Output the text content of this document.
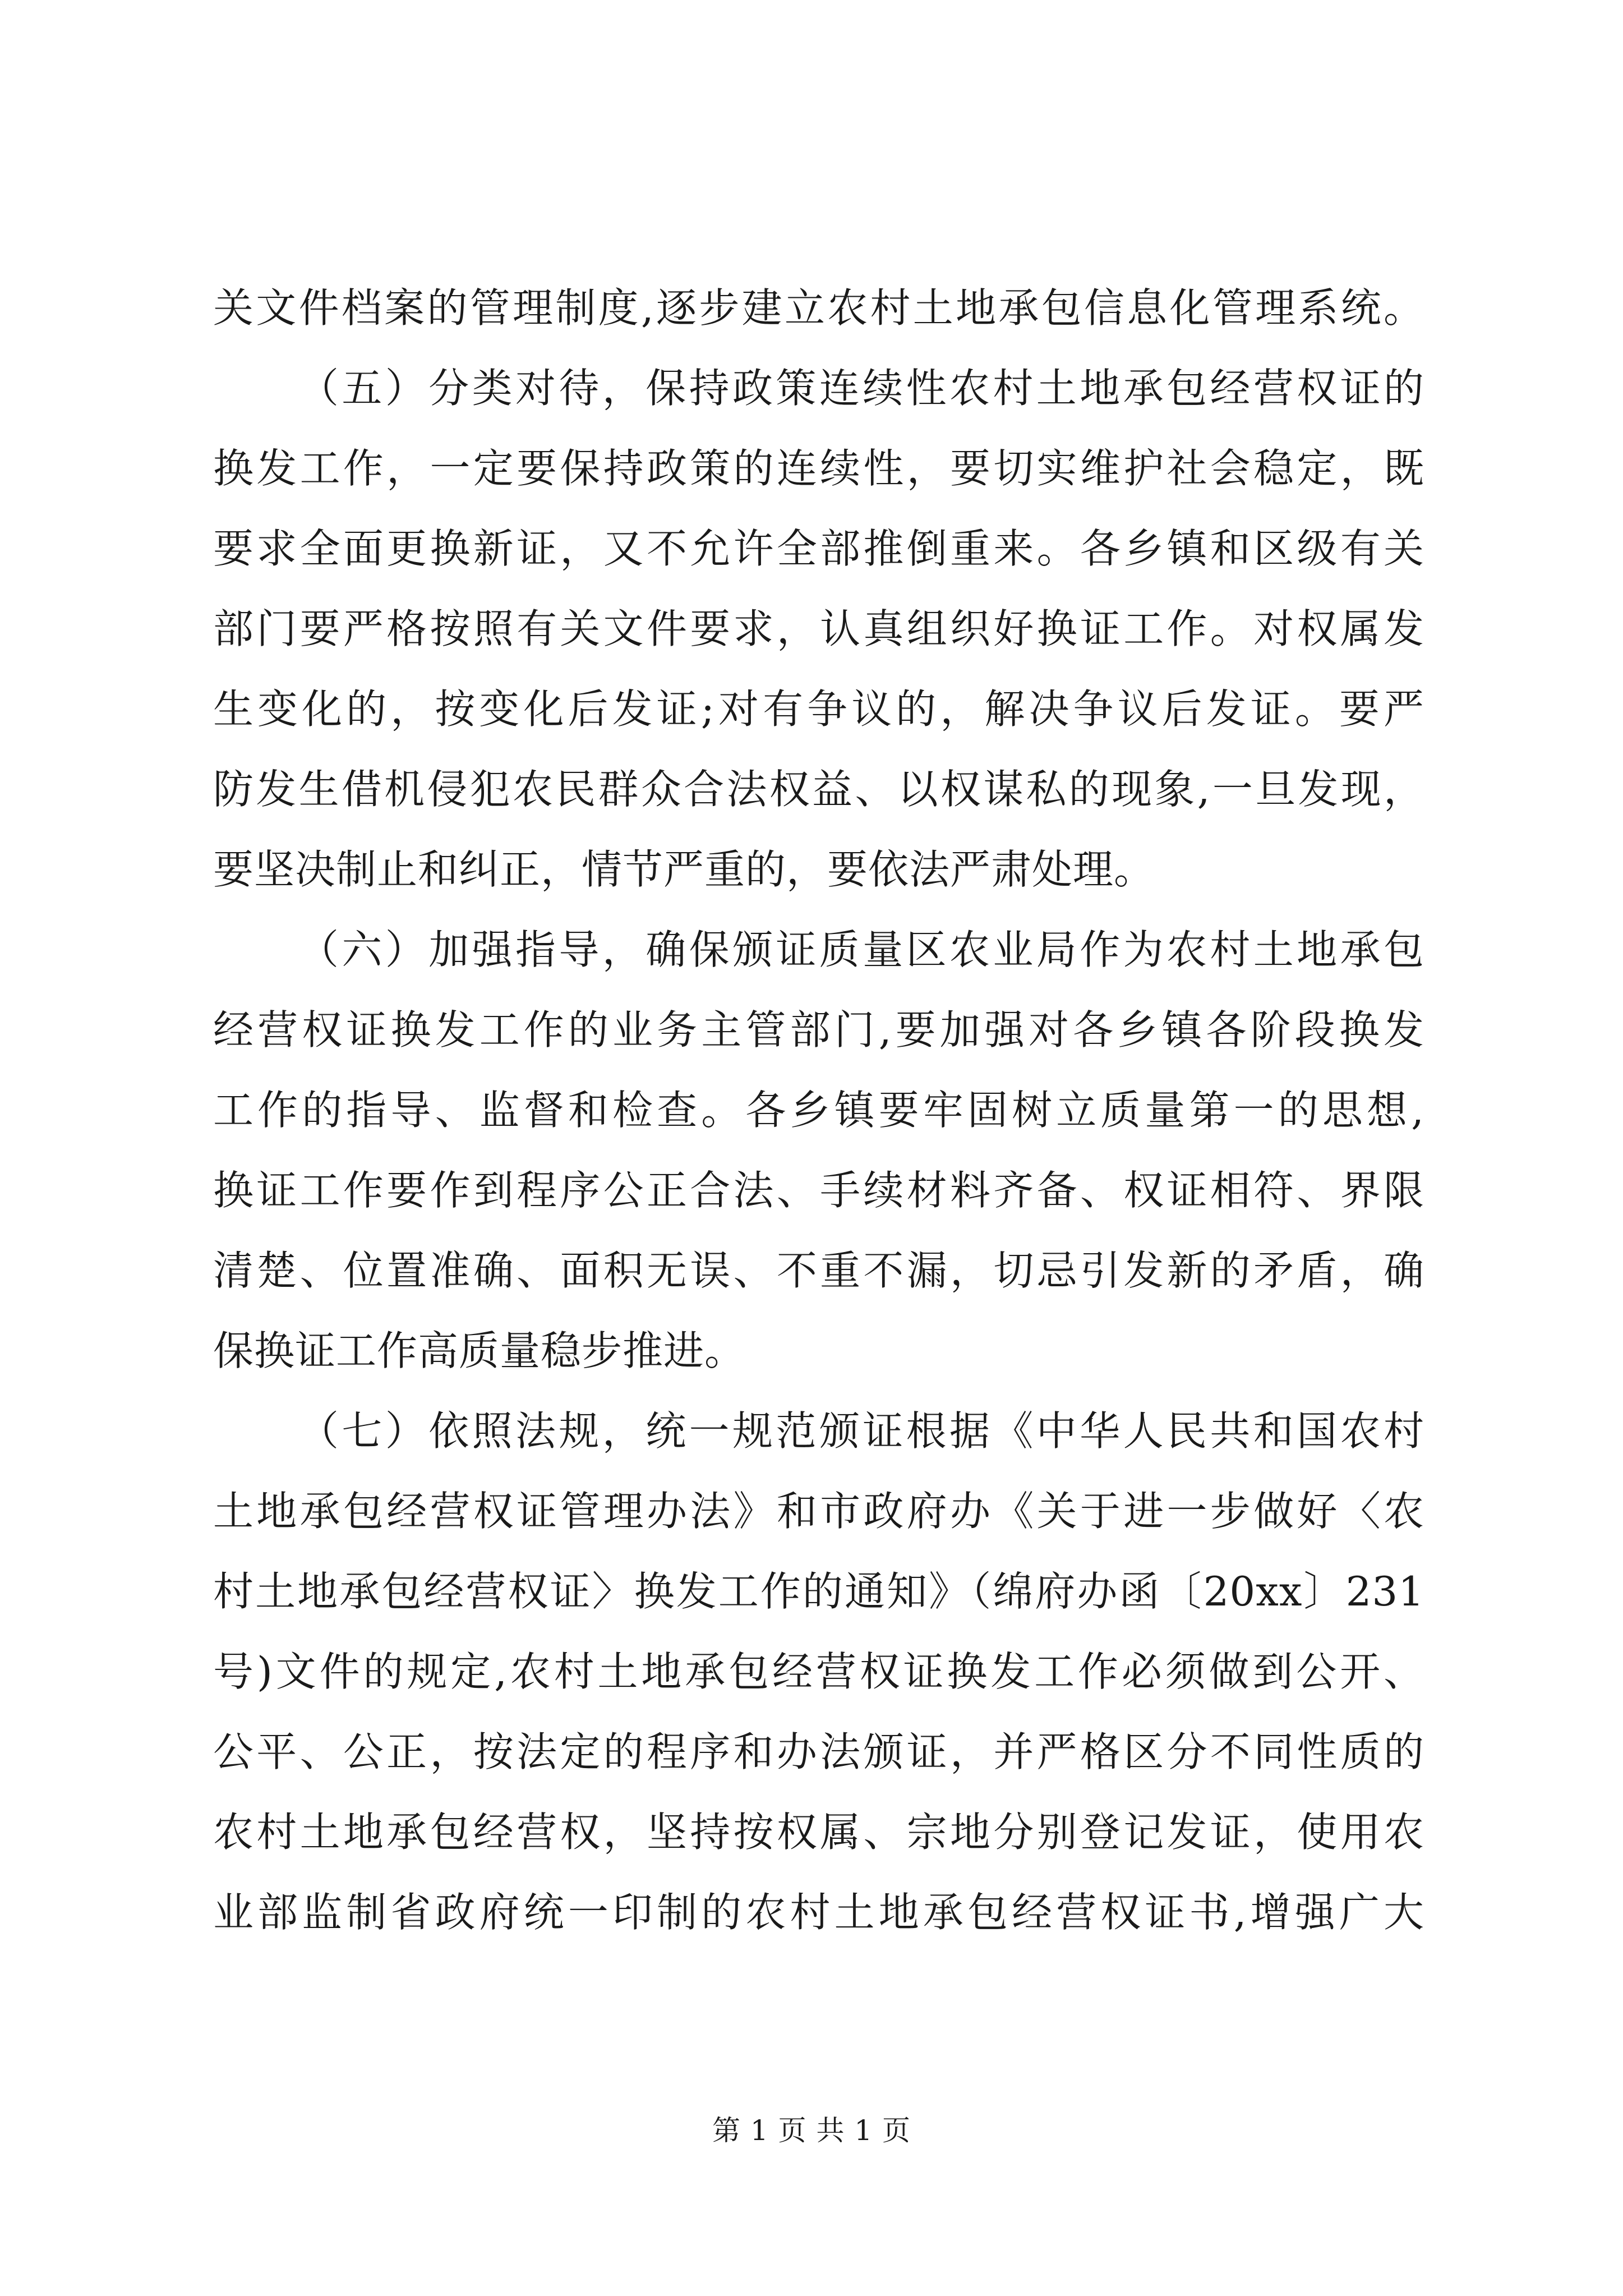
关文件档案的管理制度,逐步建立农村土地承包信息化管理系统。
（五）分类对待，保持政策连续性农村土地承包经营权证的
换发工作，一定要保持政策的连续性，要切实维护社会稳定，既
要求全面更换新证，又不允许全部推倒重来。各乡镇和区级有关
部门要严格按照有关文件要求，认真组织好换证工作。对权属发
生变化的，按变化后发证;对有争议的，解决争议后发证。要严
防发生借机侵犯农民群众合法权益、以权谋私的现象,一旦发现，
要坚决制止和纠正，情节严重的，要依法严肃处理。
（六）加强指导，确保颁证质量区农业局作为农村土地承包
经营权证换发工作的业务主管部门,要加强对各乡镇各阶段换发
工作的指导、监督和检查。各乡镇要牢固树立质量第一的思想,
换证工作要作到程序公正合法、手续材料齐备、权证相符、界限
清楚、位置准确、面积无误、不重不漏，切忌引发新的矛盾，确
保换证工作高质量稳步推进。
（七）依照法规，统一规范颁证根据《中华人民共和国农村
土地承包经营权证管理办法》和市政府办《关于进一步做好〈农
村土地承包经营权证〉换发工作的通知》（绵府办函〔20xx〕231
号)文件的规定,农村土地承包经营权证换发工作必须做到公开、
公平、公正，按法定的程序和办法颁证，并严格区分不同性质的
农村土地承包经营权，坚持按权属、宗地分别登记发证，使用农
业部监制省政府统一印制的农村土地承包经营权证书,增强广大
第 1 页 共 1 页
